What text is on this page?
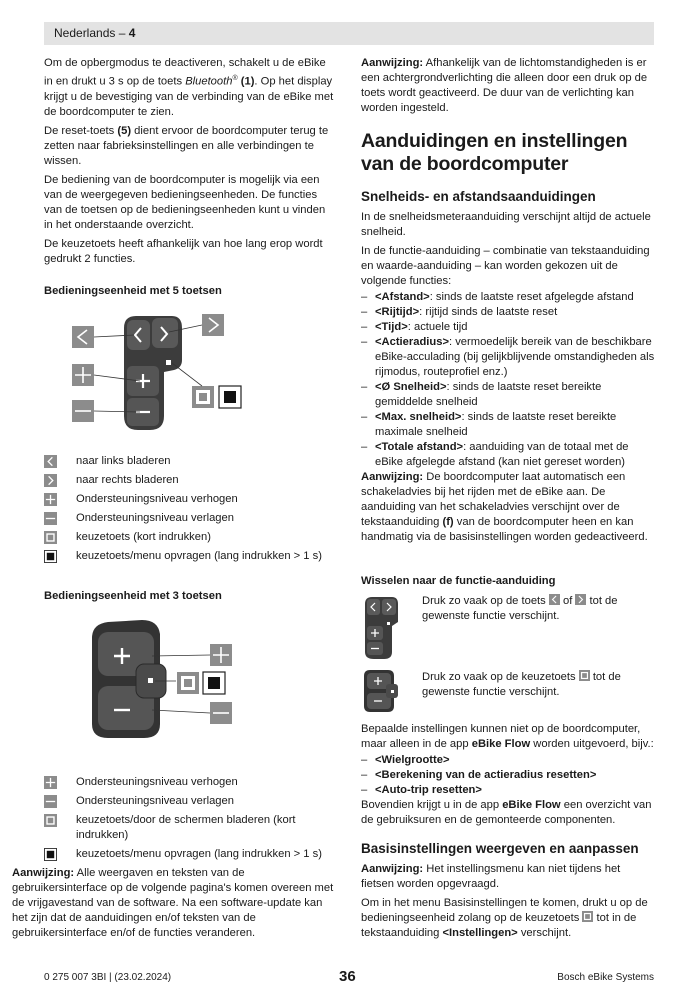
Nederlands – 4

Om de opbergmodus te deactiveren, schakelt u de eBike in en drukt u 3 s op de toets Bluetooth® (1). Op het display krijgt u de bevestiging van de verbinding van de eBike met de boordcomputer te zien.

De reset-toets (5) dient ervoor de boordcomputer terug te zetten naar fabrieksinstellingen en alle verbindingen te wissen.

De bediening van de boordcomputer is mogelijk via een van de weergegeven bedieningseenheden. De functies van de toetsen op de bedieningseenheden kunt u vinden in het onderstaande overzicht.

De keuzetoets heeft afhankelijk van hoe lang erop wordt gedrukt 2 functies.

Bedieningseenheid met 5 toetsen
naar links bladeren
naar rechts bladeren
Ondersteuningsniveau verhogen
Ondersteuningsniveau verlagen
keuzetoets (kort indrukken)
keuzetoets/menu opvragen (lang indrukken > 1 s)
Bedieningseenheid met 3 toetsen
Ondersteuningsniveau verhogen
Ondersteuningsniveau verlagen
keuzetoets/door de schermen bladeren (kort indrukken)
keuzetoets/menu opvragen (lang indrukken > 1 s)

Aanwijzing: Alle weergaven en teksten van de gebruikersinterface op de volgende pagina's komen overeen met de vrijgavestand van de software. Na een software-update kan het zijn dat de aanduidingen en/of teksten van de gebruikersinterface en/of de functies veranderen.

Aanwijzing: Afhankelijk van de lichtomstandigheden is er een achtergrondverlichting die alleen door een druk op de toets wordt geactiveerd. De duur van de verlichting kan worden ingesteld.

Aanduidingen en instellingen van de boordcomputer
Snelheids- en afstandsaanduidingen

In de snelheidsmeteraanduiding verschijnt altijd de actuele snelheid.

In de functie-aanduiding – combinatie van tekstaanduiding en waarde-aanduiding – kan worden gekozen uit de volgende functies:

– <Afstand>: sinds de laatste reset afgelegde afstand
– <Rijtijd>: rijtijd sinds de laatste reset
– <Tijd>: actuele tijd
– <Actieradius>: vermoedelijk bereik van de beschikbare eBike-acculading (bij gelijkblijvende omstandigheden als rijmodus, routeprofiel enz.)
– <Ø Snelheid>: sinds de laatste reset bereikte gemiddelde snelheid
– <Max. snelheid>: sinds de laatste reset bereikte maximale snelheid
– <Totale afstand>: aanduiding van de totaal met de eBike afgelegde afstand (kan niet gereset worden)

Aanwijzing: De boordcomputer laat automatisch een schakeladvies bij het rijden met de eBike aan. De aanduiding van het schakeladvies verschijnt over de tekstaanduiding (f) van de boordcomputer heen en kan handmatig via de basisinstellingen worden gedeactiveerd.

Wisselen naar de functie-aanduiding
Druk zo vaak op de toets  of  tot de gewenste functie verschijnt.
Druk zo vaak op de keuzetoets  tot de gewenste functie verschijnt.

Bepaalde instellingen kunnen niet op de boordcomputer, maar alleen in de app eBike Flow worden uitgevoerd, bijv.:

– <Wielgrootte>
– <Berekening van de actieradius resetten>
– <Auto-trip resetten>

Bovendien krijgt u in de app eBike Flow een overzicht van de gebruiksuren en de gemonteerde componenten.

Basisinstellingen weergeven en aanpassen

Aanwijzing: Het instellingsmenu kan niet tijdens het fietsen worden opgevraagd.

Om in het menu Basisinstellingen te komen, drukt u op de bedieningseenheid zolang op de keuzetoets  tot in de tekstaanduiding <Instellingen> verschijnt.

0 275 007 3BI | (23.02.2024)	36	Bosch eBike Systems
